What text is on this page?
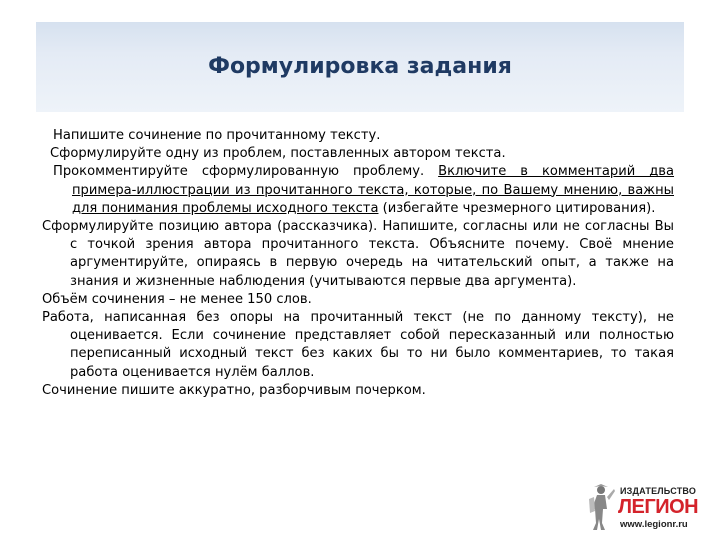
Формулировка задания

Напишите сочинение по прочитанному тексту.

Сформулируйте одну из проблем, поставленных автором текста.

Прокомментируйте сформулированную проблему. Включите в комментарий два примера-иллюстрации из прочитанного текста, которые, по Вашему мнению, важны для понимания проблемы исходного текста (избегайте чрезмерного цитирования).

Сформулируйте позицию автора (рассказчика). Напишите, согласны или не согласны Вы с точкой зрения автора прочитанного текста. Объясните почему. Своё мнение аргументируйте, опираясь в первую очередь на читательский опыт, а также на знания и жизненные наблюдения (учитываются первые два аргумента).

Объём сочинения – не менее 150 слов.

Работа, написанная без опоры на прочитанный текст (не по данному тексту), не оценивается. Если сочинение представляет собой пересказанный или полностью переписанный исходный текст без каких бы то ни было комментариев, то такая работа оценивается нулём баллов.

Сочинение пишите аккуратно, разборчивым почерком.

ИЗДАТЕЛЬСТВО
ЛЕГИОН
www.legionr.ru
